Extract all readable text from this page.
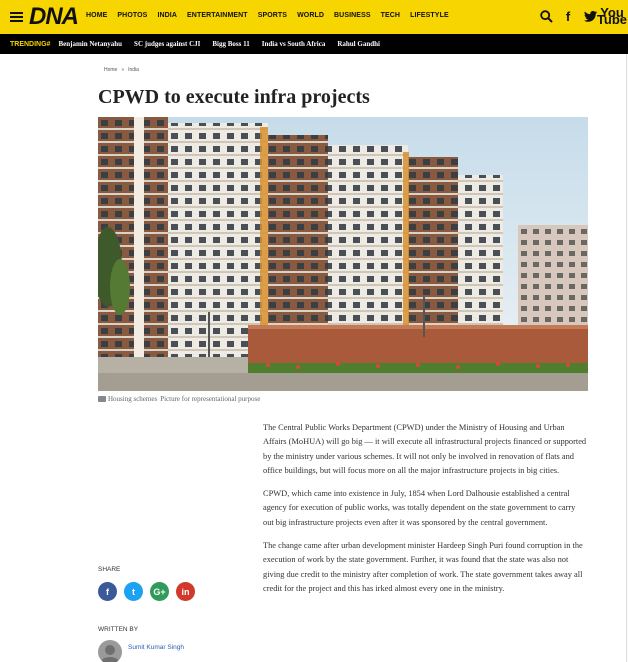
DNA HOME PHOTOS INDIA ENTERTAINMENT SPORTS WORLD BUSINESS TECH LIFESTYLE	f	You Tube
TRENDING# Benjamin Netanyahu SC judges against CJI Bigg Boss 11 India vs South Africa Rahul Gandhi
Home » India
CPWD to execute infra projects
Housing schemes Picture for representational purpose

The Central Public Works Department (CPWD) under the Ministry of Housing and Urban Affairs (MoHUA) will go big — it will execute all infrastructural projects financed or supported by the ministry under various schemes. It will not only be involved in renovation of flats and office buildings, but will focus more on all the major infrastructure projects in big cities.

CPWD, which came into existence in July, 1854 when Lord Dalhousie established a central agency for execution of public works, was totally dependent on the state government to carry out big infrastructure projects even after it was sponsored by the central government.

The change came after urban development minister Hardeep Singh Puri found corruption in the execution of work by the state government. Further, it was found that the state was also not giving due credit to the ministry after completion of work. The state government takes away all credit for the project and this has irked almost every one in the ministry.

SHARE
f	t	G+	in
WRITTEN BY
Sumit Kumar Singh
